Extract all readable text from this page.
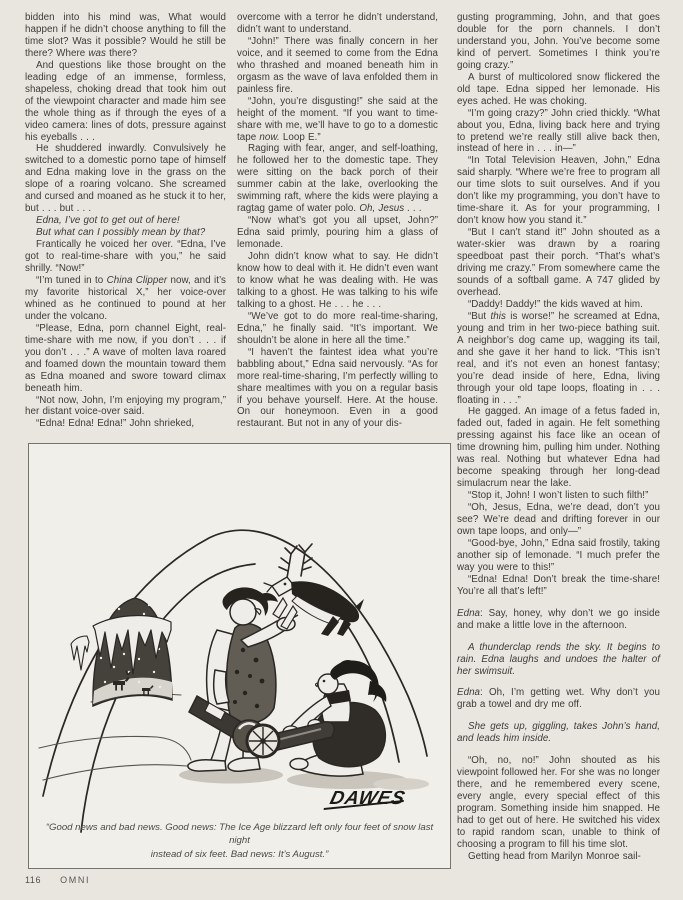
bidden into his mind was, What would happen if he didn’t choose anything to fill the time slot? Was it possible? Would he still be there? Where was there?

And questions like those brought on the leading edge of an immense, formless, shapeless, choking dread that took him out of the viewpoint character and made him see the whole thing as if through the eyes of a video camera: lines of dots, pressure against his eyeballs . . .

He shuddered inwardly. Convulsively he switched to a domestic porno tape of himself and Edna making love in the grass on the slope of a roaring volcano. She screamed and cursed and moaned as he stuck it to her, but . . . but . . .

Edna, I’ve got to get out of here!

But what can I possibly mean by that?

Frantically he voiced her over. “Edna, I’ve got to real-time-share with you,” he said shrilly. “Now!”

“I’m tuned in to China Clipper now, and it’s my favorite historical X,” her voice-over whined as he continued to pound at her under the volcano.

“Please, Edna, porn channel Eight, real-time-share with me now, if you don’t . . . if you don’t . . .” A wave of molten lava roared and foamed down the mountain toward them as Edna moaned and swore toward climax beneath him.

“Not now, John, I’m enjoying my program,” her distant voice-over said.

“Edna! Edna! Edna!” John shrieked,

overcome with a terror he didn’t understand, didn’t want to understand.

“John!” There was finally concern in her voice, and it seemed to come from the Edna who thrashed and moaned beneath him in orgasm as the wave of lava enfolded them in painless fire.

“John, you’re disgusting!” she said at the height of the moment. “If you want to time-share with me, we’ll have to go to a domestic tape now. Loop E.”

Raging with fear, anger, and self-loathing, he followed her to the domestic tape. They were sitting on the back porch of their summer cabin at the lake, overlooking the swimming raft, where the kids were playing a ragtag game of water polo. Oh, Jesus . . .

“Now what’s got you all upset, John?” Edna said primly, pouring him a glass of lemonade.

John didn’t know what to say. He didn’t know how to deal with it. He didn’t even want to know what he was dealing with. He was talking to a ghost. He was talking to his wife talking to a ghost. He . . . he . . .

“We’ve got to do more real-time-sharing, Edna,” he finally said. “It’s important. We shouldn’t be alone in here all the time.”

“I haven’t the faintest idea what you’re babbling about,” Edna said nervously. “As for more real-time-sharing, I’m perfectly willing to share mealtimes with you on a regular basis if you behave yourself. Here. At the house. On our honeymoon. Even in a good restaurant. But not in any of your dis-

gusting programming, John, and that goes double for the porn channels. I don’t understand you, John. You’ve become some kind of pervert. Sometimes I think you’re going crazy.”

A burst of multicolored snow flickered the old tape. Edna sipped her lemonade. His eyes ached. He was choking.

“I’m going crazy?” John cried thickly. “What about you, Edna, living back here and trying to pretend we’re really still alive back then, instead of here in . . . in—”

“In Total Television Heaven, John,” Edna said sharply. “Where we’re free to program all our time slots to suit ourselves. And if you don’t like my programming, you don’t have to time-share it. As for your programming, I don’t know how you stand it.”

“But I can’t stand it!” John shouted as a water-skier was drawn by a roaring speedboat past their porch. “That’s what’s driving me crazy.” From somewhere came the sounds of a softball game. A 747 glided by overhead.

“Daddy! Daddy!” the kids waved at him.

“But this is worse!” he screamed at Edna, young and trim in her two-piece bathing suit. A neighbor’s dog came up, wagging its tail, and she gave it her hand to lick. “This isn’t real, and it’s not even an honest fantasy; you’re dead inside of here, Edna, living through your old tape loops, floating in . . . floating in . . .”

He gagged. An image of a fetus faded in, faded out, faded in again. He felt something pressing against his face like an ocean of time drowning him, pulling him under. Nothing was real. Nothing but whatever Edna had become speaking through her long-dead simulacrum near the lake.

“Stop it, John! I won’t listen to such filth!”

“Oh, Jesus, Edna, we’re dead, don’t you see? We’re dead and drifting forever in our own tape loops, and only—”

“Good-bye, John,” Edna said frostily, taking another sip of lemonade. “I much prefer the way you were to this!”

“Edna! Edna! Don’t break the time-share! You’re all that’s left!”

Edna: Say, honey, why don’t we go inside and make a little love in the afternoon.

A thunderclap rends the sky. It begins to rain. Edna laughs and undoes the halter of her swimsuit.

Edna: Oh, I’m getting wet. Why don’t you grab a towel and dry me off.

She gets up, giggling, takes John’s hand, and leads him inside.

“Oh, no, no!” John shouted as his viewpoint followed her. For she was no longer there, and he remembered every scene, every angle, every special effect of this program. Something inside him snapped. He had to get out of here. He switched his videx to rapid random scan, unable to think of choosing a program to fill his time slot.

Getting head from Marilyn Monroe sail-

DAWES
“Good news and bad news. Good news: The Ice Age blizzard left only four feet of snow last night
instead of six feet. Bad news: It’s August.”
116 OMNI
